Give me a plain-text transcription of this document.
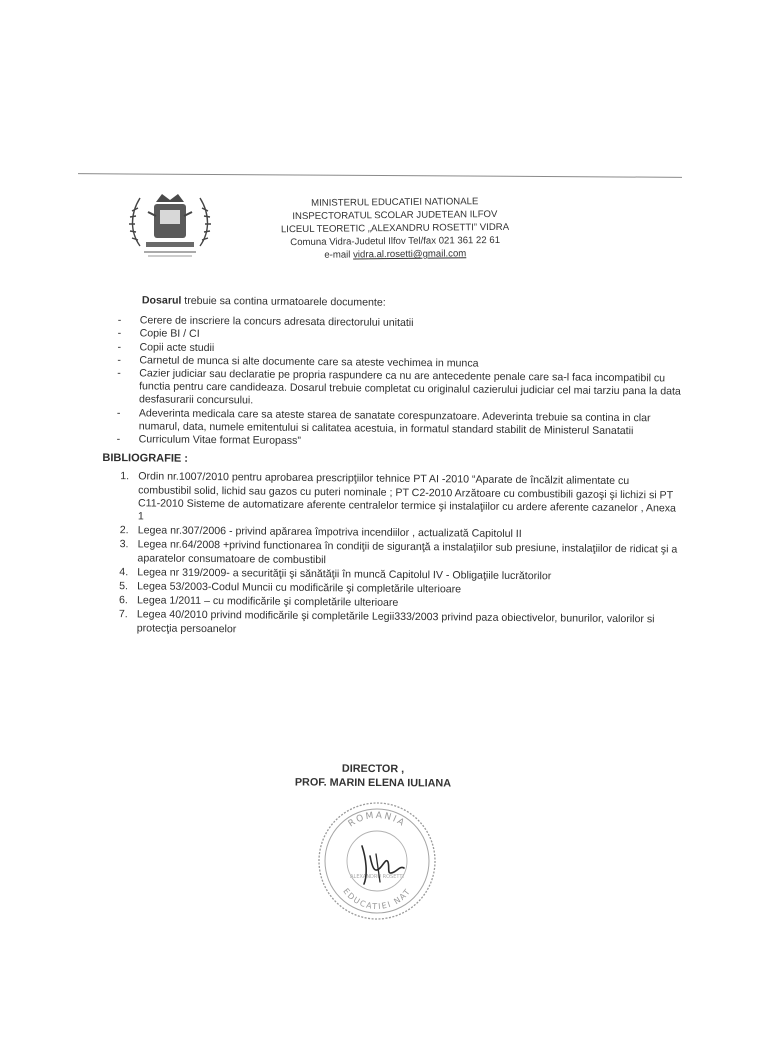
MINISTERUL EDUCATIEI NATIONALE
INSPECTORATUL SCOLAR JUDETEAN ILFOV
LICEUL TEORETIC „ALEXANDRU ROSETTI” VIDRA
Comuna Vidra-Judetul Ilfov Tel/fax 021 361 22 61
e-mail vidra.al.rosetti@gmail.com

Dosarul trebuie sa contina urmatoarele documente:

- Cerere de inscriere la concurs adresata directorului unitatii
- Copie BI / CI
- Copii acte studii
- Carnetul de munca si alte documente care sa ateste vechimea in munca
- Cazier judiciar sau declaratie pe propria raspundere ca nu are antecedente penale care sa-l faca incompatibil cu functia pentru care candideaza. Dosarul trebuie completat cu originalul cazierului judiciar cel mai tarziu pana la data desfasurarii concursului.
- Adeverinta medicala care sa ateste starea de sanatate corespunzatoare. Adeverinta trebuie sa contina in clar numarul, data, numele emitentului si calitatea acestuia, in formatul standard stabilit de Ministerul Sanatatii
- Curriculum Vitae format Europass”
BIBLIOGRAFIE :
1. Ordin nr.1007/2010 pentru aprobarea prescripţiilor tehnice PT AI -2010 “Aparate de încălzit alimentate cu combustibil solid, lichid sau gazos cu puteri nominale ; PT C2-2010 Arzătoare cu combustibili gazoşi şi lichizi si PT C11-2010 Sisteme de automatizare aferente centralelor termice şi instalaţiilor cu ardere aferente cazanelor , Anexa 1
2. Legea nr.307/2006 - privind apărarea împotriva incendiilor , actualizată Capitolul II
3. Legea nr.64/2008 +privind functionarea în condiţii de siguranţă a instalaţiilor sub presiune, instalaţiilor de ridicat şi a aparatelor consumatoare de combustibil
4. Legea nr 319/2009- a securităţii şi sănătăţii în muncă Capitolul IV - Obligaţiile lucrătorilor
5. Legea 53/2003-Codul Muncii cu modificările şi completările ulterioare
6. Legea 1/2011 – cu modificările şi completările ulterioare
7. Legea 40/2010 privind modificările şi completările Legii333/2003 privind paza obiectivelor, bunurilor, valorilor si protecţia persoanelor
DIRECTOR ,
PROF. MARIN ELENA IULIANA
ROMANIA
EDUCATIEI NAT
ALEXANDRU ROSETTI
